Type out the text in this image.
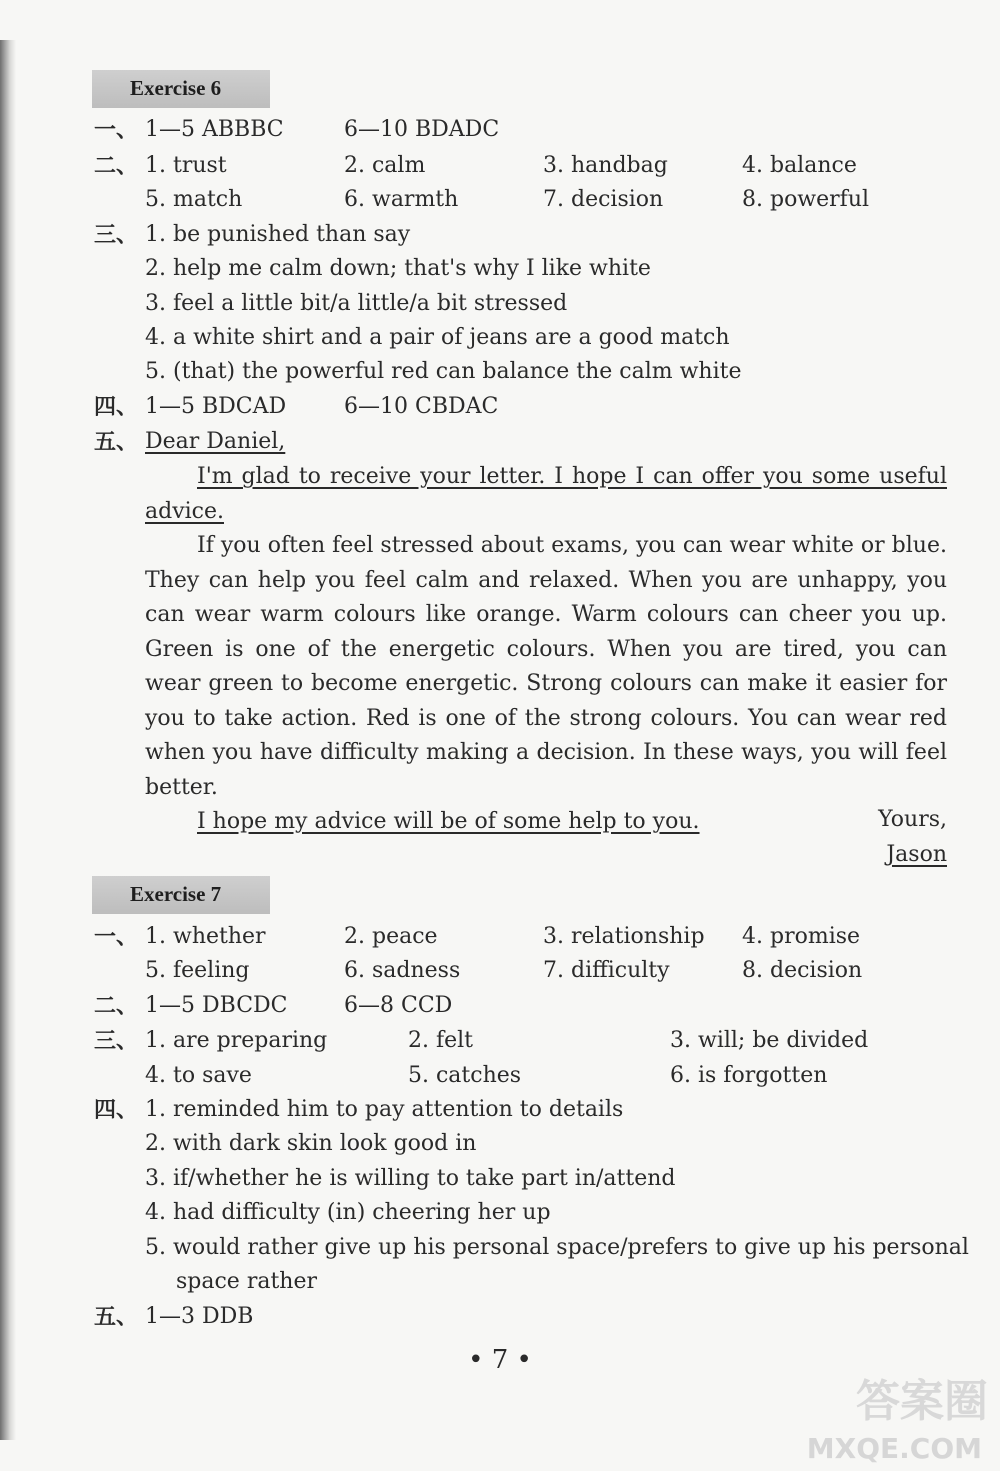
Exercise 6
一、 1—5 ABBBC	6—10 BDADC
二、 1. trust	2. calm	3. handbag	4. balance
5. match	6. warmth	7. decision	8. powerful
三、 1. be punished than say
2. help me calm down; that's why I like white
3. feel a little bit/a little/a bit stressed
4. a white shirt and a pair of jeans are a good match
5. (that) the powerful red can balance the calm white
四、 1—5 BDCAD	6—10 CBDAC
五、 Dear Daniel,

I'm glad to receive your letter. I hope I can offer you some useful advice.

If you often feel stressed about exams, you can wear white or blue. They can help you feel calm and relaxed. When you are unhappy, you can wear warm colours like orange. Warm colours can cheer you up. Green is one of the energetic colours. When you are tired, you can wear green to become energetic. Strong colours can make it easier for you to take action. Red is one of the strong colours. You can wear red when you have difficulty making a decision. In these ways, you will feel better.

I hope my advice will be of some help to you.	Yours,
Jason
Exercise 7
一、 1. whether	2. peace	3. relationship 4. promise
5. feeling	6. sadness	7. difficulty	8. decision
二、 1—5 DBCDC	6—8 CCD
三、 1. are preparing	2. felt	3. will; be divided
4. to save	5. catches	6. is forgotten
四、 1. reminded him to pay attention to details
2. with dark skin look good in
3. if/whether he is willing to take part in/attend
4. had difficulty (in) cheering her up
5. would rather give up his personal space/prefers to give up his personal
space rather
五、 1—3 DDB
• 7 •
答案圈
MXQE.COM
